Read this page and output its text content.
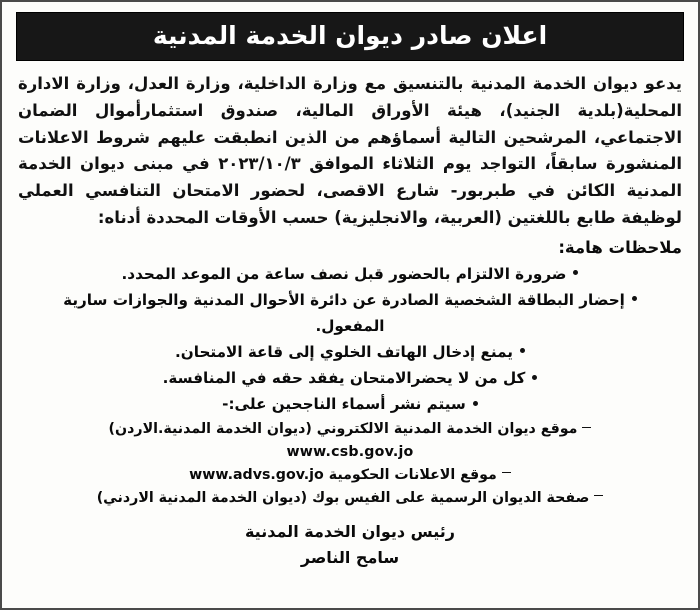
اعلان صادر ديوان الخدمة المدنية
يدعو ديوان الخدمة المدنية بالتنسيق مع وزارة الداخلية، وزارة العدل، وزارة الادارة المحلية(بلدية الجنيد)، هيئة الأوراق المالية، صندوق استثمارأموال الضمان الاجتماعي، المرشحين التالية أسماؤهم من الذين انطبقت عليهم شروط الاعلانات المنشورة سابقاً، التواجد يوم الثلاثاء الموافق ٢٠٢٣/١٠/٣ في مبنى ديوان الخدمة المدنية الكائن في طبربور- شارع الاقصى، لحضور الامتحان التنافسي العملي لوظيفة طابع باللغتين (العربية، والانجليزية) حسب الأوقات المحددة أدناه:
ملاحظات هامة:
ضرورة الالتزام بالحضور قبل نصف ساعة من الموعد المحدد.
إحضار البطاقة الشخصية الصادرة عن دائرة الأحوال المدنية والجوازات سارية المفعول.
يمنع إدخال الهاتف الخلوي إلى قاعة الامتحان.
كل من لا يحضرالامتحان يفقد حقه في المنافسة.
سيتم نشر أسماء الناجحين على:-
موقع ديوان الخدمة المدنية الالكتروني (ديوان الخدمة المدنية.الاردن)
www.csb.gov.jo
موقع الاعلانات الحكومية www.advs.gov.jo
صفحة الديوان الرسمية على الفيس بوك (ديوان الخدمة المدنية الاردني)
رئيس ديوان الخدمة المدنية
سامح الناصر
